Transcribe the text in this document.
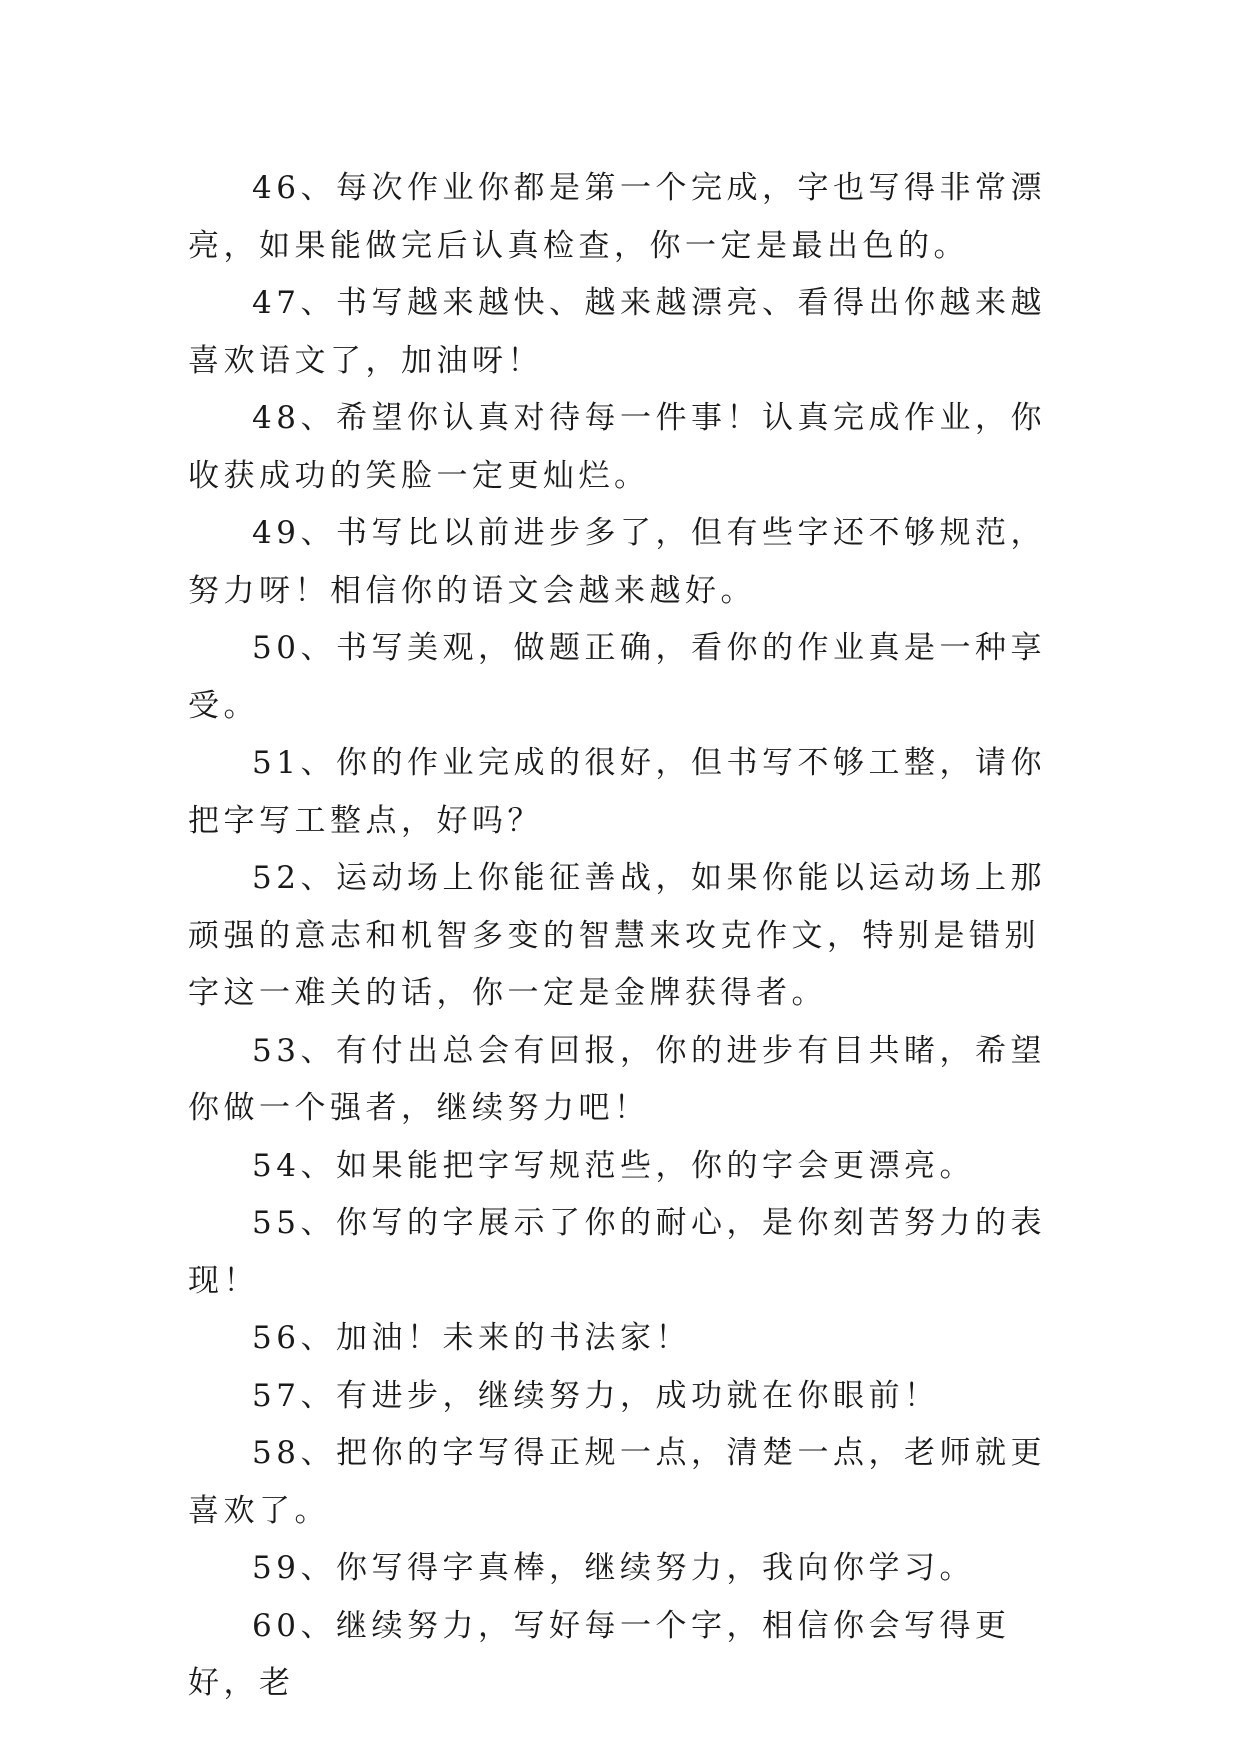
46、每次作业你都是第一个完成，字也写得非常漂亮，如果能做完后认真检查，你一定是最出色的。

47、书写越来越快、越来越漂亮、看得出你越来越喜欢语文了，加油呀！

48、希望你认真对待每一件事！认真完成作业，你收获成功的笑脸一定更灿烂。

49、书写比以前进步多了，但有些字还不够规范，努力呀！相信你的语文会越来越好。

50、书写美观，做题正确，看你的作业真是一种享受。

51、你的作业完成的很好，但书写不够工整，请你把字写工整点，好吗？

52、运动场上你能征善战，如果你能以运动场上那顽强的意志和机智多变的智慧来攻克作文，特别是错别字这一难关的话，你一定是金牌获得者。

53、有付出总会有回报，你的进步有目共睹，希望你做一个强者，继续努力吧！

54、如果能把字写规范些，你的字会更漂亮。

55、你写的字展示了你的耐心，是你刻苦努力的表现！

56、加油！未来的书法家！

57、有进步，继续努力，成功就在你眼前！

58、把你的字写得正规一点，清楚一点，老师就更喜欢了。

59、你写得字真棒，继续努力，我向你学习。

60、继续努力，写好每一个字，相信你会写得更好，老
